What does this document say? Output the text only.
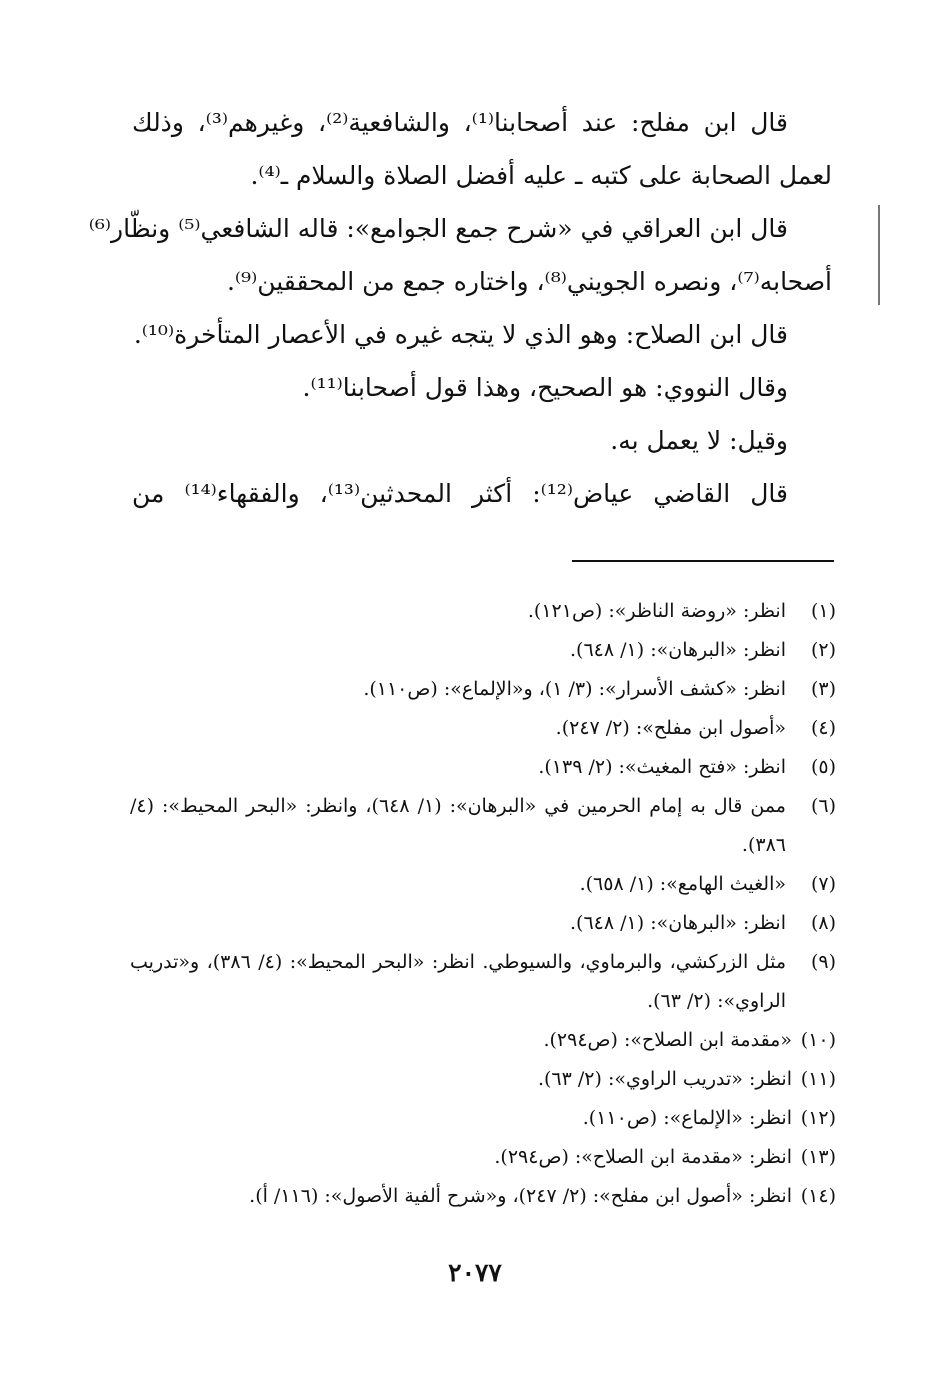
قال ابن مفلح: عند أصحابنا⁽¹⁾، والشافعية⁽²⁾، وغيرهم⁽³⁾، وذلك
لعمل الصحابة على كتبه ـ عليه أفضل الصلاة والسلام ـ⁽⁴⁾.
قال ابن العراقي في «شرح جمع الجوامع»: قاله الشافعي⁽⁵⁾ ونظّار⁽⁶⁾
أصحابه⁽⁷⁾، ونصره الجويني⁽⁸⁾، واختاره جمع من المحققين⁽⁹⁾.
قال ابن الصلاح: وهو الذي لا يتجه غيره في الأعصار المتأخرة⁽¹⁰⁾.
وقال النووي: هو الصحيح، وهذا قول أصحابنا⁽¹¹⁾.
وقيل: لا يعمل به.
قال القاضي عياض⁽¹²⁾: أكثر المحدثين⁽¹³⁾، والفقهاء⁽¹⁴⁾ من
(١)
انظر: «روضة الناظر»: (ص١٢١).
(٢)
انظر: «البرهان»: (١/ ٦٤٨).
(٣)
انظر: «كشف الأسرار»: (٣/ ١)، و«الإلماع»: (ص١١٠).
(٤)
«أصول ابن مفلح»: (٢/ ٢٤٧).
(٥)
انظر: «فتح المغيث»: (٢/ ١٣٩).
(٦)
ممن قال به إمام الحرمين في «البرهان»: (١/ ٦٤٨)، وانظر: «البحر المحيط»: (٤/ ٣٨٦).
(٧)
«الغيث الهامع»: (١/ ٦٥٨).
(٨)
انظر: «البرهان»: (١/ ٦٤٨).
(٩)
مثل الزركشي، والبرماوي، والسيوطي. انظر: «البحر المحيط»: (٤/ ٣٨٦)، و«تدريب الراوي»: (٢/ ٦٣).
(١٠)
«مقدمة ابن الصلاح»: (ص٢٩٤).
(١١)
انظر: «تدريب الراوي»: (٢/ ٦٣).
(١٢)
انظر: «الإلماع»: (ص١١٠).
(١٣)
انظر: «مقدمة ابن الصلاح»: (ص٢٩٤).
(١٤)
انظر: «أصول ابن مفلح»: (٢/ ٢٤٧)، و«شرح ألفية الأصول»: (١١٦/ أ).
٢٠٧٧
